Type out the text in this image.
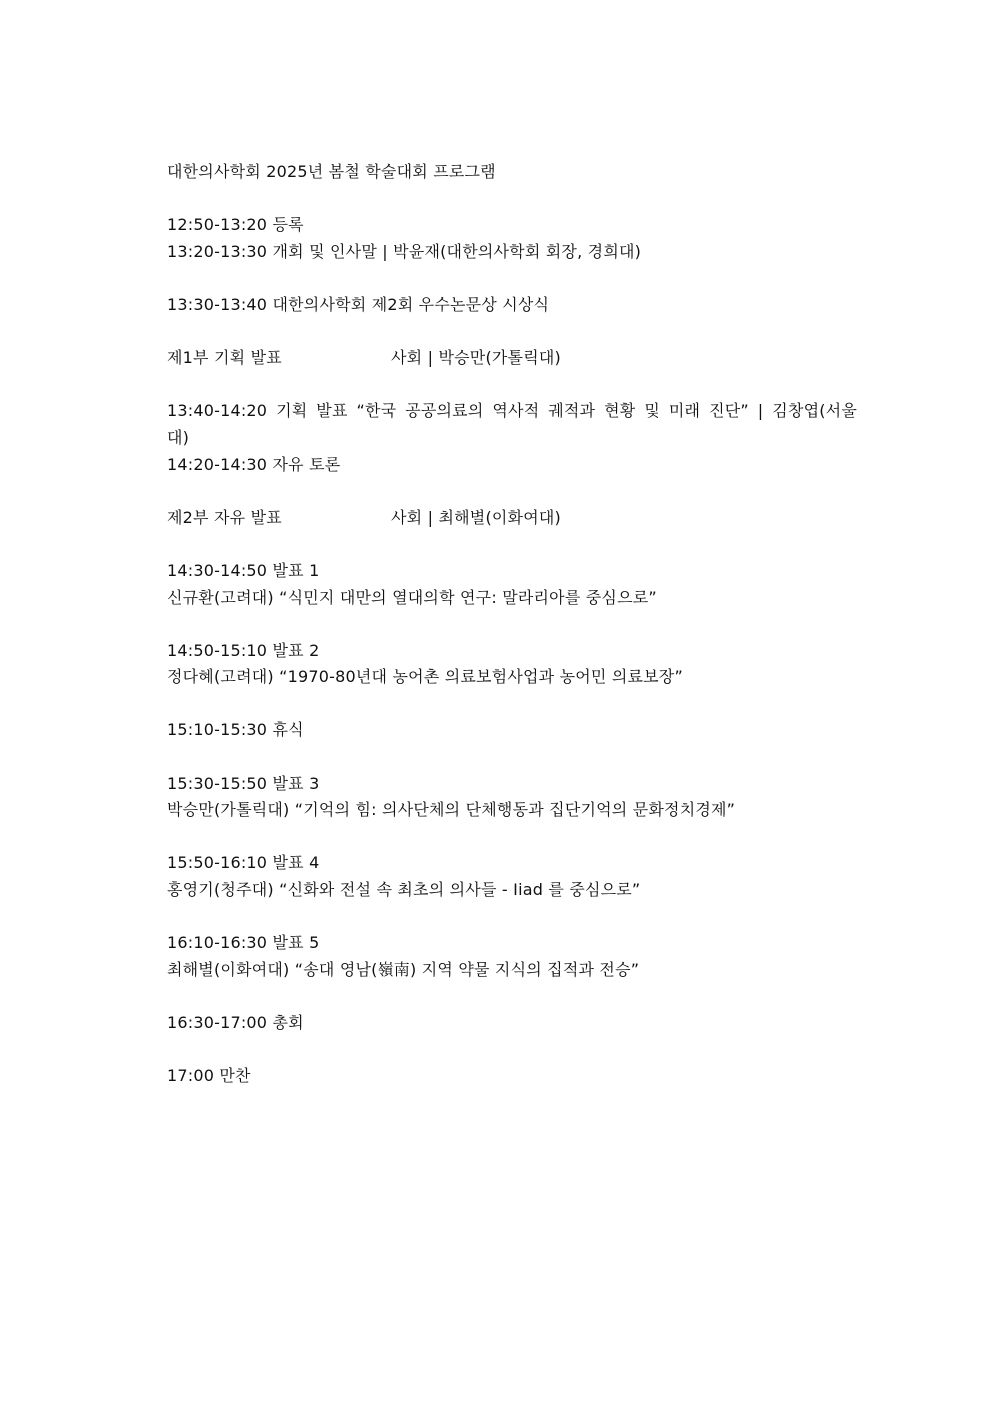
대한의사학회 2025년 봄철 학술대회 프로그램
12:50-13:20 등록
13:20-13:30 개회 및 인사말 | 박윤재(대한의사학회 회장, 경희대)
13:30-13:40 대한의사학회 제2회 우수논문상 시상식
제1부 기획 발표	사회 | 박승만(가톨릭대)
13:40-14:20 기획 발표 “한국 공공의료의 역사적 궤적과 현황 및 미래 진단” | 김창엽(서울대)
14:20-14:30 자유 토론
제2부 자유 발표	사회 | 최해별(이화여대)
14:30-14:50 발표 1
신규환(고려대) “식민지 대만의 열대의학 연구: 말라리아를 중심으로”
14:50-15:10 발표 2
정다혜(고려대) “1970-80년대 농어촌 의료보험사업과 농어민 의료보장”
15:10-15:30 휴식
15:30-15:50 발표 3
박승만(가톨릭대) “기억의 힘: 의사단체의 단체행동과 집단기억의 문화정치경제”
15:50-16:10 발표 4
홍영기(청주대) “신화와 전설 속 최초의 의사들 - Iiad 를 중심으로”
16:10-16:30 발표 5
최해별(이화여대) “송대 영남(嶺南) 지역 약물 지식의 집적과 전승”
16:30-17:00 총회
17:00 만찬
